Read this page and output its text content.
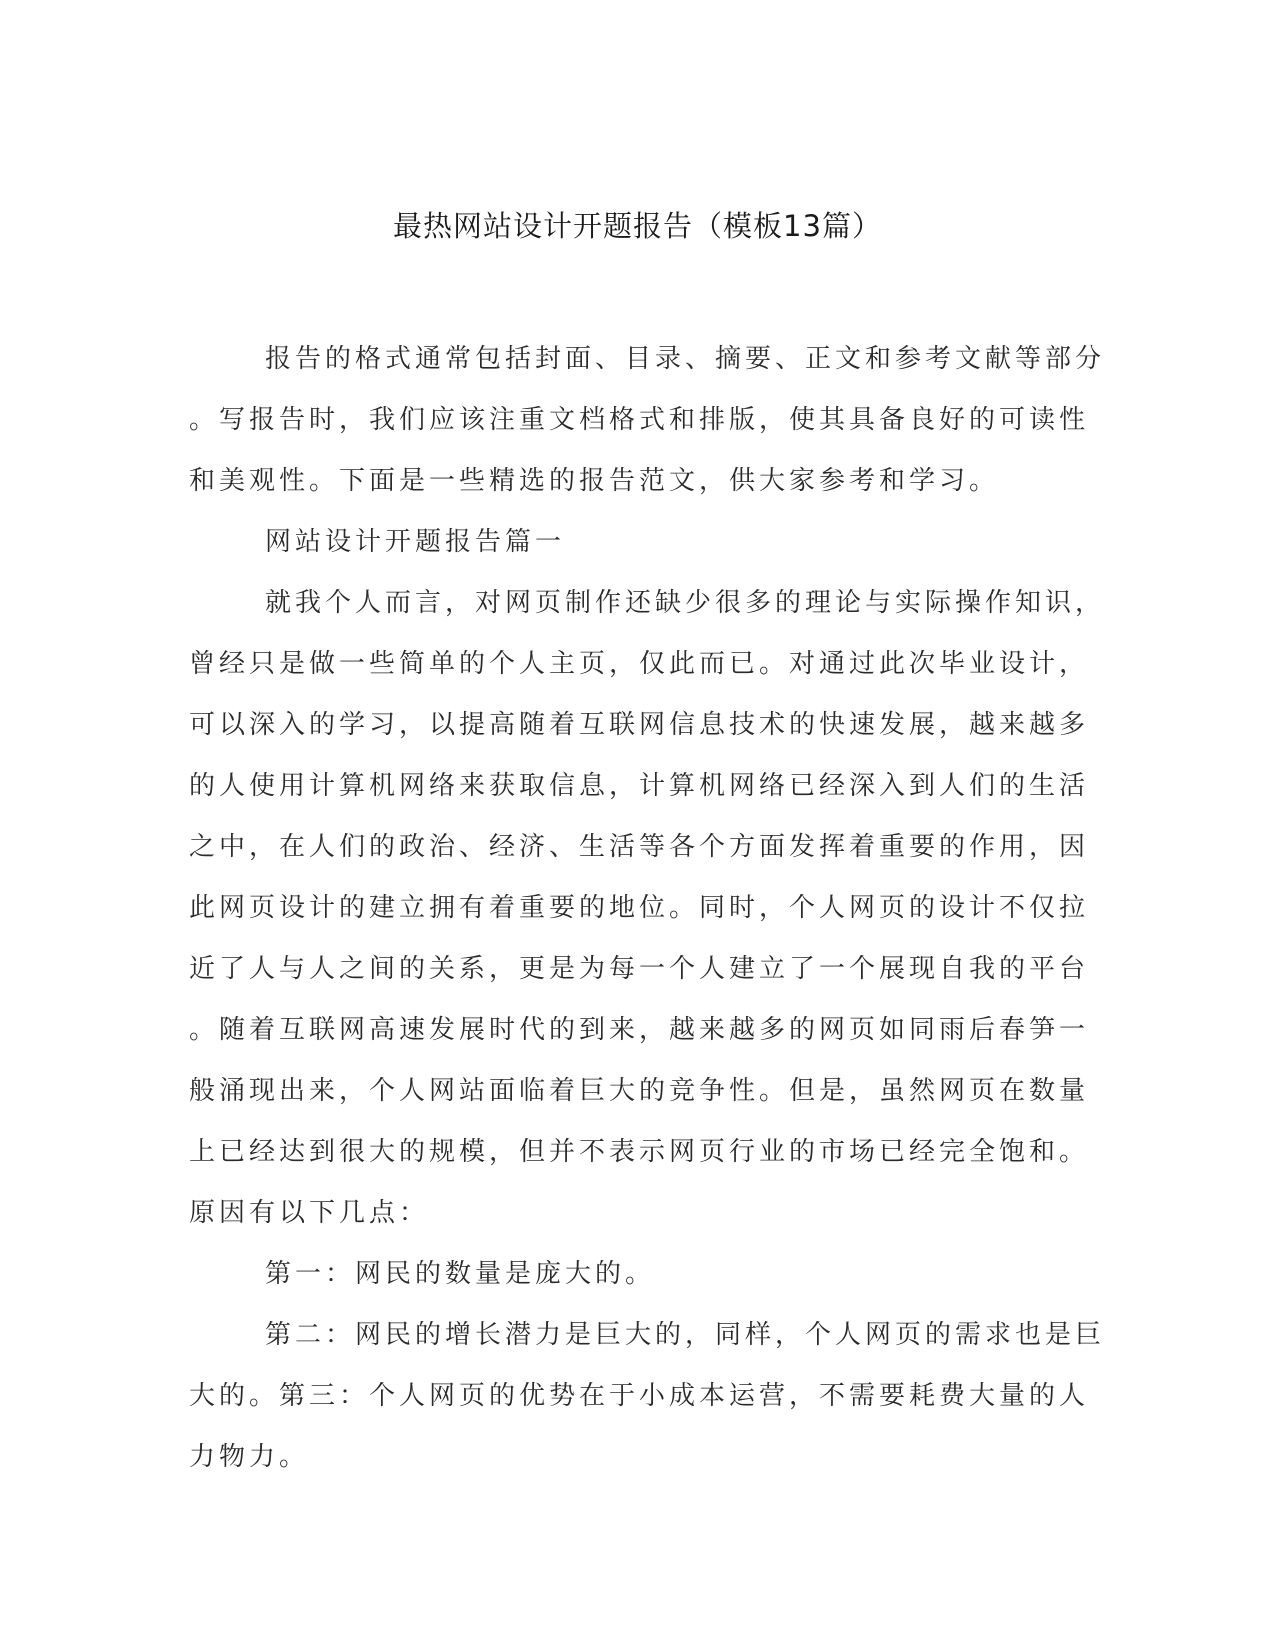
最热网站设计开题报告（模板13篇）
报告的格式通常包括封面、目录、摘要、正文和参考文献等部分
。写报告时，我们应该注重文档格式和排版，使其具备良好的可读性
和美观性。下面是一些精选的报告范文，供大家参考和学习。
网站设计开题报告篇一
就我个人而言，对网页制作还缺少很多的理论与实际操作知识，
曾经只是做一些简单的个人主页，仅此而已。对通过此次毕业设计，
可以深入的学习，以提高随着互联网信息技术的快速发展，越来越多
的人使用计算机网络来获取信息，计算机网络已经深入到人们的生活
之中，在人们的政治、经济、生活等各个方面发挥着重要的作用，因
此网页设计的建立拥有着重要的地位。同时，个人网页的设计不仅拉
近了人与人之间的关系，更是为每一个人建立了一个展现自我的平台
。随着互联网高速发展时代的到来，越来越多的网页如同雨后春笋一
般涌现出来，个人网站面临着巨大的竞争性。但是，虽然网页在数量
上已经达到很大的规模，但并不表示网页行业的市场已经完全饱和。
原因有以下几点：
第一：网民的数量是庞大的。
第二：网民的增长潜力是巨大的，同样，个人网页的需求也是巨
大的。第三：个人网页的优势在于小成本运营，不需要耗费大量的人
力物力。
